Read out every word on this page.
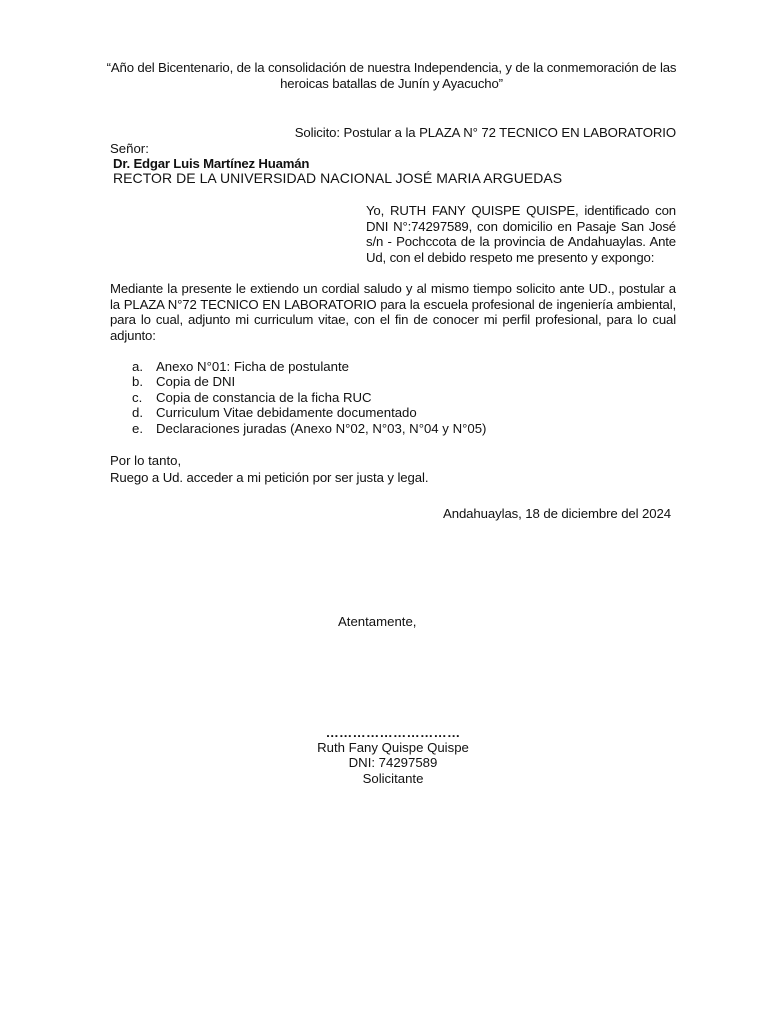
“Año del Bicentenario, de la consolidación de nuestra Independencia, y de la conmemoración de las heroicas batallas de Junín y Ayacucho”
Solicito: Postular a la PLAZA N° 72 TECNICO EN LABORATORIO
Señor:
Dr. Edgar Luis Martínez Huamán
RECTOR DE LA UNIVERSIDAD NACIONAL JOSÉ MARIA ARGUEDAS
Yo, RUTH FANY QUISPE QUISPE, identificado con DNI N°:74297589, con domicilio en Pasaje San José s/n - Pochccota de la provincia de Andahuaylas. Ante Ud, con el debido respeto me presento y expongo:
Mediante la presente le extiendo un cordial saludo y al mismo tiempo solicito ante UD., postular a la PLAZA N°72 TECNICO EN LABORATORIO para la escuela profesional de ingeniería ambiental, para lo cual, adjunto mi curriculum vitae, con el fin de conocer mi perfil profesional, para lo cual adjunto:
a. Anexo N°01: Ficha de postulante
b. Copia de DNI
c.	Copia de constancia de la ficha RUC
d. Curriculum Vitae debidamente documentado
e. Declaraciones juradas (Anexo N°02, N°03, N°04 y N°05)
Por lo tanto,
Ruego a Ud. acceder a mi petición por ser justa y legal.
Andahuaylas, 18 de diciembre del 2024
Atentamente,
…………………………
Ruth Fany Quispe Quispe
DNI: 74297589
Solicitante
